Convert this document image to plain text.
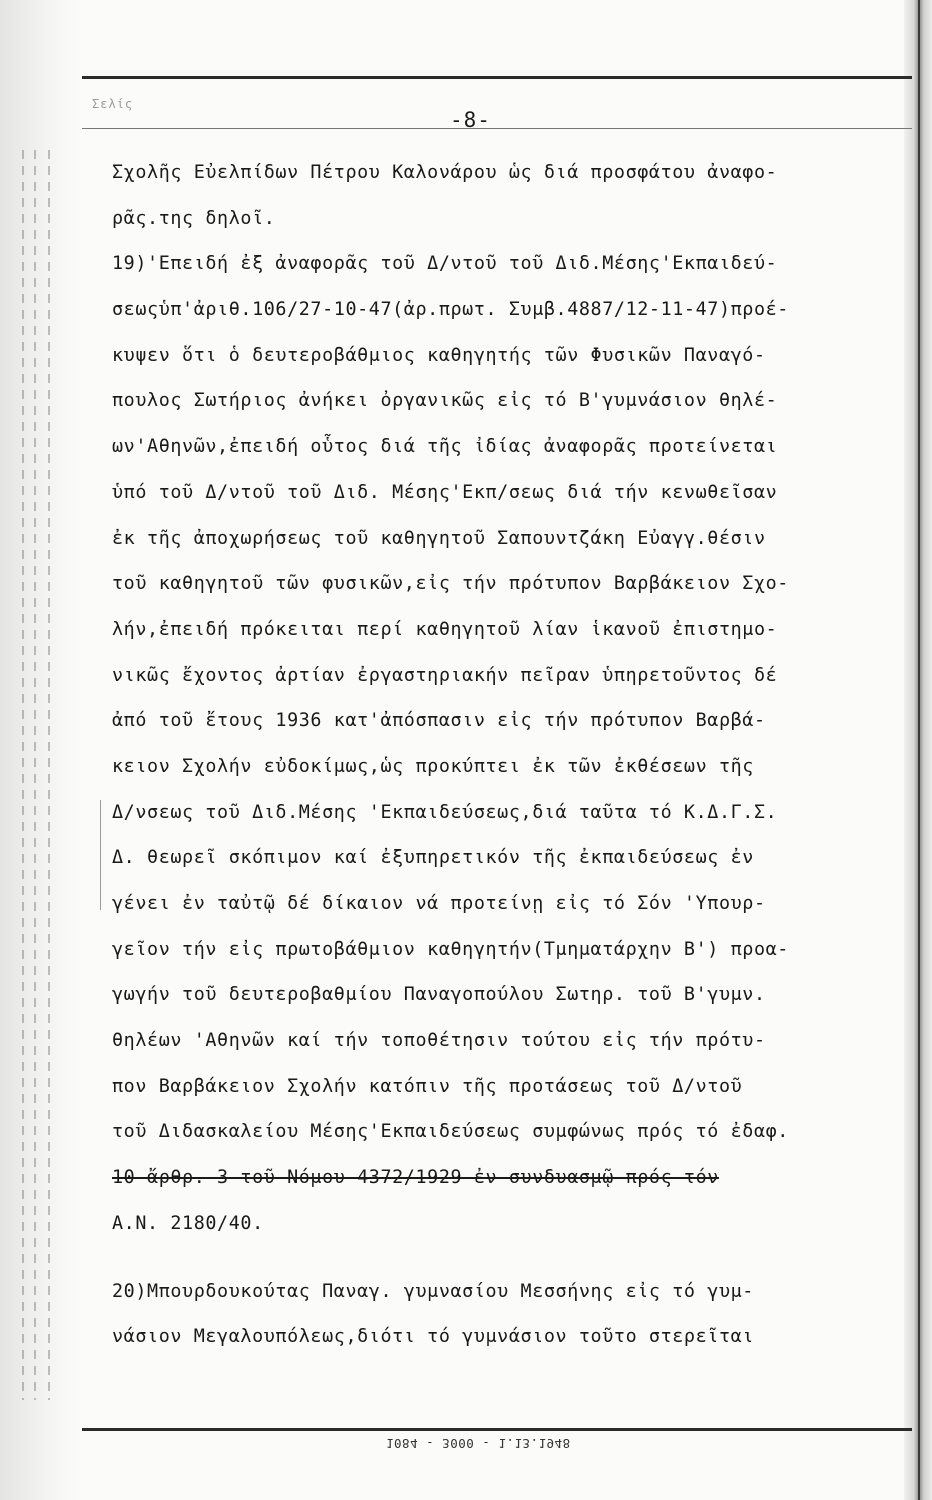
Σελίς
-8-
Σχολῆς Εὐελπίδων Πέτρου Καλονάρου ὡς διά προσφάτου ἀναφο-
ρᾶς.της δηλοῖ.
19)'Επειδή ἐξ ἀναφορᾶς τοῦ Δ/ντοῦ τοῦ Διδ.Μέσης'Εκπαιδεύ-
σεωςὑπ'ἀριθ.106/27-10-47(ἀρ.πρωτ. Συμβ.4887/12-11-47)προέ-
κυψεν ὅτι ὁ δευτεροβάθμιος καθηγητής τῶν Φυσικῶν Παναγό-
πουλος Σωτήριος ἀνήκει ὀργανικῶς εἰς τό Β'γυμνάσιον θηλέ-
ων'Αθηνῶν,ἐπειδή οὗτος διά τῆς ἰδίας ἀναφορᾶς προτείνεται
ὑπό τοῦ Δ/ντοῦ τοῦ Διδ. Μέσης'Εκπ/σεως διά τήν κενωθεῖσαν
ἐκ τῆς ἀποχωρήσεως τοῦ καθηγητοῦ Σαπουντζάκη Εὐαγγ.θέσιν
τοῦ καθηγητοῦ τῶν φυσικῶν,εἰς τήν πρότυπον Βαρβάκειον Σχο-
λήν,ἐπειδή πρόκειται περί καθηγητοῦ λίαν ἱκανοῦ ἐπιστημο-
νικῶς ἔχοντος ἀρτίαν ἐργαστηριακήν πεῖραν ὑπηρετοῦντος δέ
ἀπό τοῦ ἔτους 1936 κατ'ἀπόσπασιν εἰς τήν πρότυπον Βαρβά-
κειον Σχολήν εὐδοκίμως,ὡς προκύπτει ἐκ τῶν ἐκθέσεων τῆς
Δ/νσεως τοῦ Διδ.Μέσης 'Εκπαιδεύσεως,διά ταῦτα τό Κ.Δ.Γ.Σ.
Δ. θεωρεῖ σκόπιμον καί ἐξυπηρετικόν τῆς ἐκπαιδεύσεως ἐν
γένει ἐν ταὐτῷ δέ δίκαιον νά προτείνῃ εἰς τό Σόν 'Υπουρ-
γεῖον τήν εἰς πρωτοβάθμιον καθηγητήν(Τμηματάρχην Β') προα-
γωγήν τοῦ δευτεροβαθμίου Παναγοπούλου Σωτηρ. τοῦ Β'γυμν.
θηλέων 'Αθηνῶν καί τήν τοποθέτησιν τούτου εἰς τήν πρότυ-
πον Βαρβάκειον Σχολήν κατόπιν τῆς προτάσεως τοῦ Δ/ντοῦ
τοῦ Διδασκαλείου Μέσης'Εκπαιδεύσεως συμφώνως πρός τό ἐδαφ.
10 ἄρθρ. 3 τοῦ Νόμου 4372/1929 ἐν συνδυασμῷ πρός τόν
Α.Ν. 2180/40.
20)Μπουρδουκούτας Παναγ. γυμνασίου Μεσσήνης εἰς τό γυμ-
νάσιον Μεγαλουπόλεως,διότι τό γυμνάσιον τοῦτο στερεῖται
1084 - 3000 - 1.13.1948
